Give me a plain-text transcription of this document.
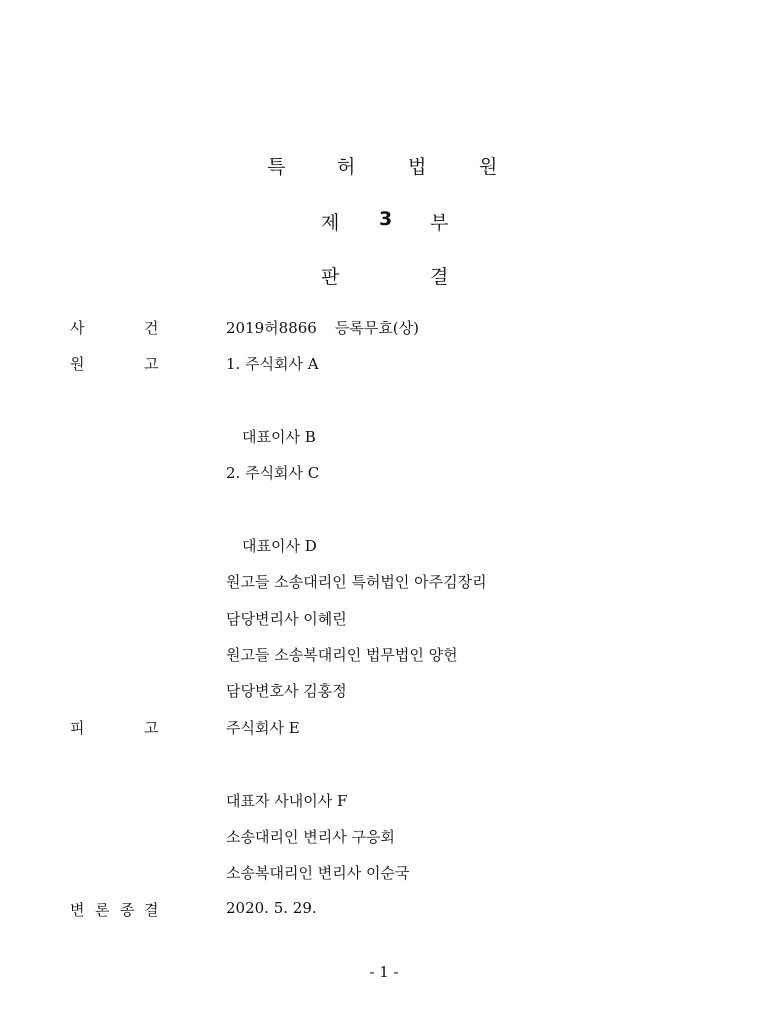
특	허	법	원
제 3 부
판	결
사	건	2019허8866 등록무효(상)
원	고	1. 주식회사 A
대표이사 B
2. 주식회사 C
대표이사 D
원고들 소송대리인 특허법인 아주김장리
담당변리사 이혜린
원고들 소송복대리인 법무법인 양헌
담당변호사 김홍정
피	고	주식회사 E
대표자 사내이사 F
소송대리인 변리사 구응회
소송복대리인 변리사 이순국
변 론 종 결	2020. 5. 29.
- 1 -
